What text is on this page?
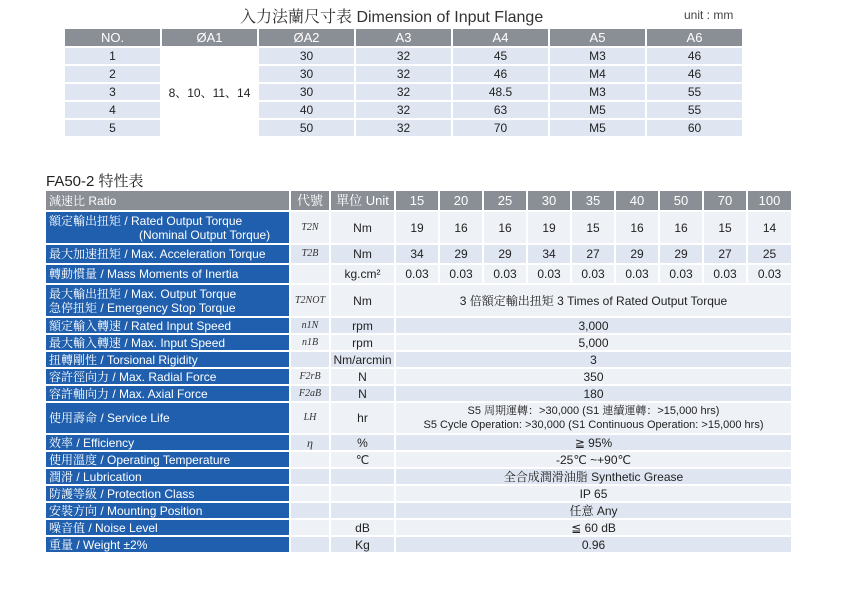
入力法蘭尺寸表 Dimension of Input Flange	unit : mm
NO.	ØA1	ØA2	A3	A4	A5	A6
1	8、10、11、14	30	32	45	M3	46
2		30	32	46	M4	46
3		30	32	48.5	M3	55
4		40	32	63	M5	55
5		50	32	70	M5	60
FA50-2 特性表
減速比 Ratio	代號	單位 Unit	15	20	25	30	35	40	50	70	100
額定輸出扭矩 / Rated Output Torque
(Nominal Output Torque)	T2N	Nm	19	16	16	19	15	16	16	15	14
最大加速扭矩 / Max. Acceleration Torque	T2B	Nm	34	29	29	34	27	29	29	27	25
轉動慣量 / Mass Moments of Inertia		kg.cm²	0.03	0.03	0.03	0.03	0.03	0.03	0.03	0.03	0.03
最大輸出扭矩 / Max. Output Torque
急停扭矩 / Emergency Stop Torque	T2NOT	Nm	3 倍額定輸出扭矩 3 Times of Rated Output Torque								
額定輸入轉速 / Rated Input Speed	n1N	rpm	3,000								
最大輸入轉速 / Max. Input Speed	n1B	rpm	5,000								
扭轉剛性 / Torsional Rigidity		Nm/arcmin	3								
容許徑向力 / Max. Radial Force	F2rB	N	350								
容許軸向力 / Max. Axial Force	F2aB	N	180								
使用壽命 / Service Life	LH	hr	S5 周期運轉：>30,000 (S1 連續運轉：>15,000 hrs)
S5 Cycle Operation: >30,000 (S1 Continuous Operation: >15,000 hrs)								
效率 / Efficiency	η	%	≧ 95%								
使用溫度 / Operating Temperature		℃	-25℃ ~+90℃								
潤滑 / Lubrication			全合成潤滑油脂 Synthetic Grease								
防護等級 / Protection Class			IP 65								
安裝方向 / Mounting Position			任意 Any								
噪音值 / Noise Level		dB	≦ 60 dB								
重量 / Weight ±2%		Kg	0.96								
